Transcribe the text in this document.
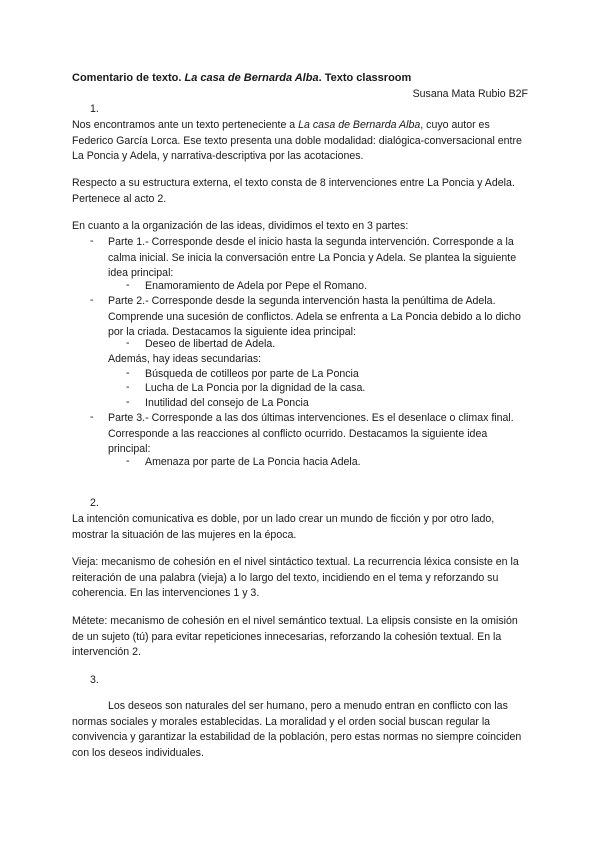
Comentario de texto. La casa de Bernarda Alba. Texto classroom
Susana Mata Rubio B2F
1.

Nos encontramos ante un texto perteneciente a La casa de Bernarda Alba, cuyo autor es Federico García Lorca. Ese texto presenta una doble modalidad: dialógica-conversacional entre La Poncia y Adela, y narrativa-descriptiva por las acotaciones.

Respecto a su estructura externa, el texto consta de 8 intervenciones entre La Poncia y Adela. Pertenece al acto 2.

En cuanto a la organización de las ideas, dividimos el texto en 3 partes:

- Parte 1.- Corresponde desde el inicio hasta la segunda intervención. Corresponde a la calma inicial. Se inicia la conversación entre La Poncia y Adela. Se plantea la siguiente idea principal:

- Enamoramiento de Adela por Pepe el Romano.

- Parte 2.- Corresponde desde la segunda intervención hasta la penúltima de Adela. Comprende una sucesión de conflictos. Adela se enfrenta a La Poncia debido a lo dicho por la criada. Destacamos la siguiente idea principal:

- Deseo de libertad de Adela.

Además, hay ideas secundarias:

- Búsqueda de cotilleos por parte de La Poncia

- Lucha de La Poncia por la dignidad de la casa.

- Inutilidad del consejo de La Poncia

- Parte 3.- Corresponde a las dos últimas intervenciones. Es el desenlace o climax final. Corresponde a las reacciones al conflicto ocurrido. Destacamos la siguiente idea principal:

- Amenaza por parte de La Poncia hacia Adela.

2.

La intención comunicativa es doble, por un lado crear un mundo de ficción y por otro lado, mostrar la situación de las mujeres en la época.

Vieja: mecanismo de cohesión en el nivel sintáctico textual. La recurrencia léxica consiste en la reiteración de una palabra (vieja) a lo largo del texto, incidiendo en el tema y reforzando su coherencia. En las intervenciones 1 y 3.

Métete: mecanismo de cohesión en el nivel semántico textual. La elipsis consiste en la omisión de un sujeto (tú) para evitar repeticiones innecesarias, reforzando la cohesión textual. En la intervención 2.

3.

Los deseos son naturales del ser humano, pero a menudo entran en conflicto con las normas sociales y morales establecidas. La moralidad y el orden social buscan regular la convivencia y garantizar la estabilidad de la población, pero estas normas no siempre coinciden con los deseos individuales.
